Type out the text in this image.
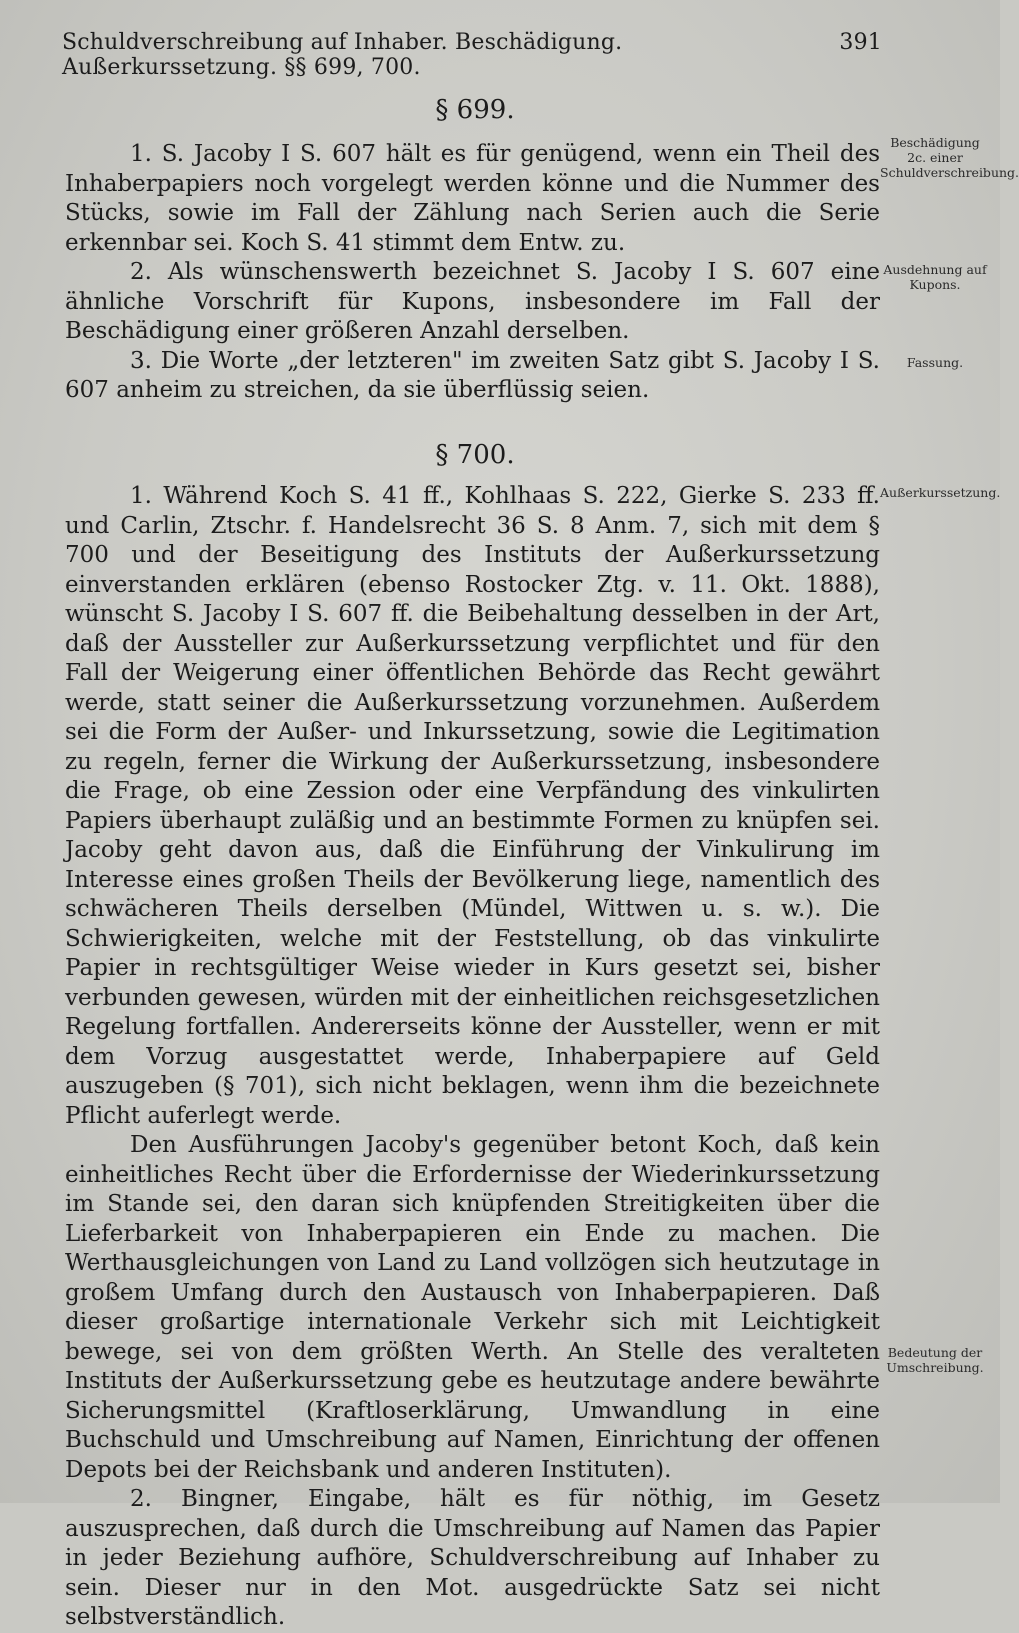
Schuldverschreibung auf Inhaber. Beschädigung. Außerkurssetzung. §§ 699, 700.
391
§ 699.

1. S. Jacoby I S. 607 hält es für genügend, wenn ein Theil des Inhaberpapiers noch vorgelegt werden könne und die Nummer des Stücks, sowie im Fall der Zählung nach Serien auch die Serie erkennbar sei. Koch S. 41 stimmt dem Entw. zu.

2. Als wünschenswerth bezeichnet S. Jacoby I S. 607 eine ähnliche Vorschrift für Kupons, insbesondere im Fall der Beschädigung einer größeren Anzahl derselben.

3. Die Worte „der letzteren" im zweiten Satz gibt S. Jacoby I S. 607 anheim zu streichen, da sie überflüssig seien.

§ 700.

1. Während Koch S. 41 ff., Kohlhaas S. 222, Gierke S. 233 ff. und Carlin, Ztschr. f. Handelsrecht 36 S. 8 Anm. 7, sich mit dem § 700 und der Beseitigung des Instituts der Außerkurssetzung einverstanden erklären (ebenso Rostocker Ztg. v. 11. Okt. 1888), wünscht S. Jacoby I S. 607 ff. die Beibehaltung desselben in der Art, daß der Aussteller zur Außerkurssetzung verpflichtet und für den Fall der Weigerung einer öffentlichen Behörde das Recht gewährt werde, statt seiner die Außerkurssetzung vorzunehmen. Außerdem sei die Form der Außer- und Inkurssetzung, sowie die Legitimation zu regeln, ferner die Wirkung der Außerkurssetzung, insbesondere die Frage, ob eine Zession oder eine Verpfändung des vinkulirten Papiers überhaupt zuläßig und an bestimmte Formen zu knüpfen sei. Jacoby geht davon aus, daß die Einführung der Vinkulirung im Interesse eines großen Theils der Bevölkerung liege, namentlich des schwächeren Theils derselben (Mündel, Wittwen u. s. w.). Die Schwierigkeiten, welche mit der Feststellung, ob das vinkulirte Papier in rechtsgültiger Weise wieder in Kurs gesetzt sei, bisher verbunden gewesen, würden mit der einheitlichen reichsgesetzlichen Regelung fortfallen. Andererseits könne der Aussteller, wenn er mit dem Vorzug ausgestattet werde, Inhaberpapiere auf Geld auszugeben (§ 701), sich nicht beklagen, wenn ihm die bezeichnete Pflicht auferlegt werde.

Den Ausführungen Jacoby's gegenüber betont Koch, daß kein einheitliches Recht über die Erfordernisse der Wiederinkurssetzung im Stande sei, den daran sich knüpfenden Streitigkeiten über die Lieferbarkeit von Inhaberpapieren ein Ende zu machen. Die Werthausgleichungen von Land zu Land vollzögen sich heutzutage in großem Umfang durch den Austausch von Inhaberpapieren. Daß dieser großartige internationale Verkehr sich mit Leichtigkeit bewege, sei von dem größten Werth. An Stelle des veralteten Instituts der Außerkurssetzung gebe es heutzutage andere bewährte Sicherungsmittel (Kraftloserklärung, Umwandlung in eine Buchschuld und Umschreibung auf Namen, Einrichtung der offenen Depots bei der Reichsbank und anderen Instituten).

2. Bingner, Eingabe, hält es für nöthig, im Gesetz auszusprechen, daß durch die Umschreibung auf Namen das Papier in jeder Beziehung aufhöre, Schuldverschreibung auf Inhaber zu sein. Dieser nur in den Mot. ausgedrückte Satz sei nicht selbstverständlich.

Beschädigung 2c. einer Schuldverschreibung.
Ausdehnung auf Kupons.
Fassung.
Außerkurssetzung.
Bedeutung der Umschreibung.
